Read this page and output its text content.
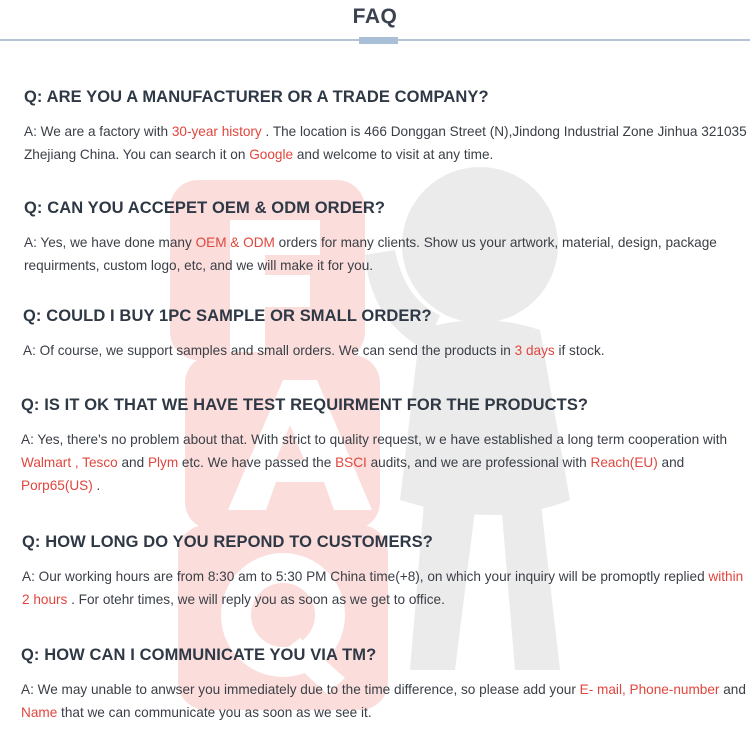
FAQ
Q: ARE YOU A MANUFACTURER OR A TRADE COMPANY?
A: We are a factory with 30-year history . The location is 466 Donggan Street (N),Jindong Industrial Zone Jinhua 321035 Zhejiang China. You can search it on Google and welcome to visit at any time.
Q: CAN YOU ACCEPET OEM & ODM ORDER?
A: Yes, we have done many OEM & ODM orders for many clients. Show us your artwork, material, design, package requirments, custom logo, etc, and we will make it for you.
Q: COULD I BUY 1PC SAMPLE OR SMALL ORDER?
A: Of course, we support samples and small orders. We can send the products in 3 days if stock.
Q: IS IT OK THAT WE HAVE TEST REQUIRMENT FOR THE PRODUCTS?
A: Yes, there's no problem about that. With strict to quality request, w e have established a long term cooperation with Walmart , Tesco and Plym etc. We have passed the BSCI audits, and we are professional with Reach(EU) and Porp65(US) .
Q: HOW LONG DO YOU REPOND TO CUSTOMERS?
A: Our working hours are from 8:30 am to 5:30 PM China time(+8), on which your inquiry will be promoptly replied within 2 hours . For otehr times, we will reply you as soon as we get to office.
Q: HOW CAN I COMMUNICATE YOU VIA TM?
A: We may unable to anwser you immediately due to the time difference, so please add your E- mail, Phone-number and Name that we can communicate you as soon as we see it.
